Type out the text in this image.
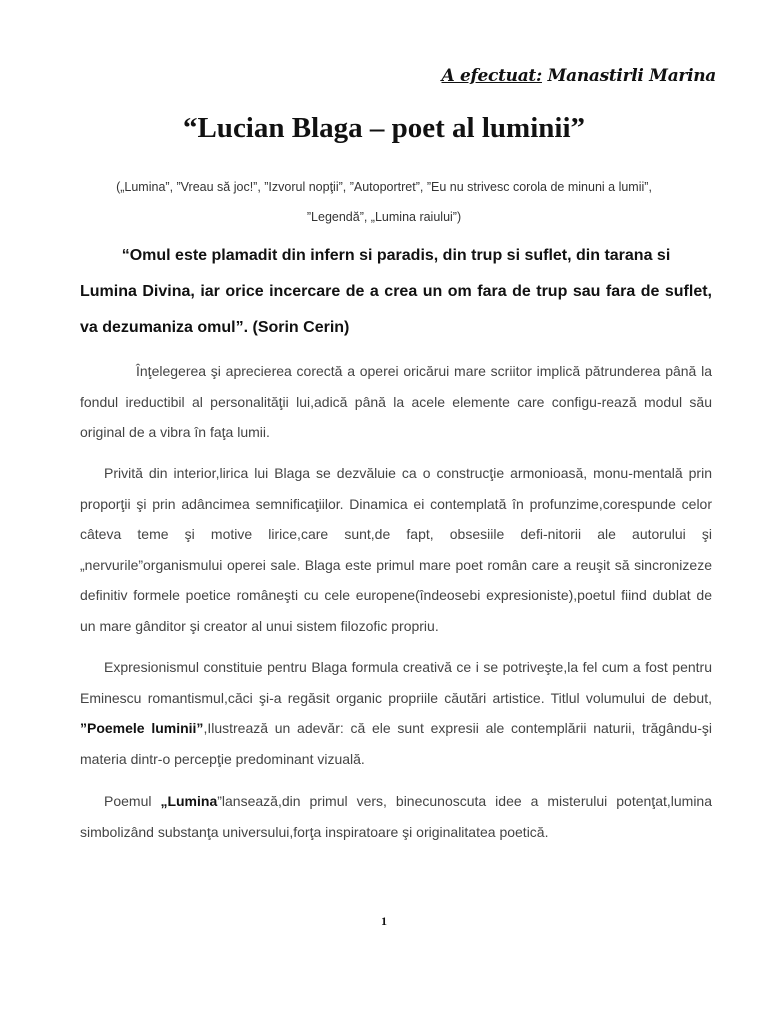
A efectuat: Manastirli Marina
“Lucian Blaga – poet al luminii”
(„Lumina”, ”Vreau să joc!”, ”Izvorul nopţii”, ”Autoportret”, ”Eu nu strivesc corola de minuni a lumii”,
”Legendă”, „Lumina raiului”)
“Omul este plamadit din infern si paradis, din trup si suflet, din tarana si
Lumina Divina, iar orice incercare de a crea un om fara de trup sau fara de suflet, va dezumaniza omul”. (Sorin Cerin)
Înţelegerea şi aprecierea corectă a operei oricărui mare scriitor implică pătrunderea până la fondul ireductibil al personalităţii lui,adică până la acele elemente care configu-rează modul său original de a vibra în faţa lumii.
Privită din interior,lirica lui Blaga se dezvăluie ca o construcţie armonioasă, monu-mentală prin proporţii şi prin adâncimea semnificaţiilor. Dinamica ei contemplată în profunzime,corespunde celor câteva teme şi motive lirice,care sunt,de fapt, obsesiile defi-nitorii ale autorului şi „nervurile”organismului operei sale. Blaga este primul mare poet român care a reuşit să sincronizeze definitiv formele poetice româneşti cu cele europene(îndeosebi expresioniste),poetul fiind dublat de un mare gânditor şi creator al unui sistem filozofic propriu.
Expresionismul constituie pentru Blaga formula creativă ce i se potriveşte,la fel cum a fost pentru Eminescu romantismul,căci şi-a regăsit organic propriile căutări artistice. Titlul volumului de debut, ”Poemele luminii”,Ilustrează un adevăr: că ele sunt expresii ale contemplării naturii, trăgându-şi materia dintr-o percepţie predominant vizuală.
Poemul „Lumina”lansează,din primul vers, binecunoscuta idee a misterului potenţat,lumina simbolizând substanţa universului,forţa inspiratoare şi originalitatea poetică.
1
